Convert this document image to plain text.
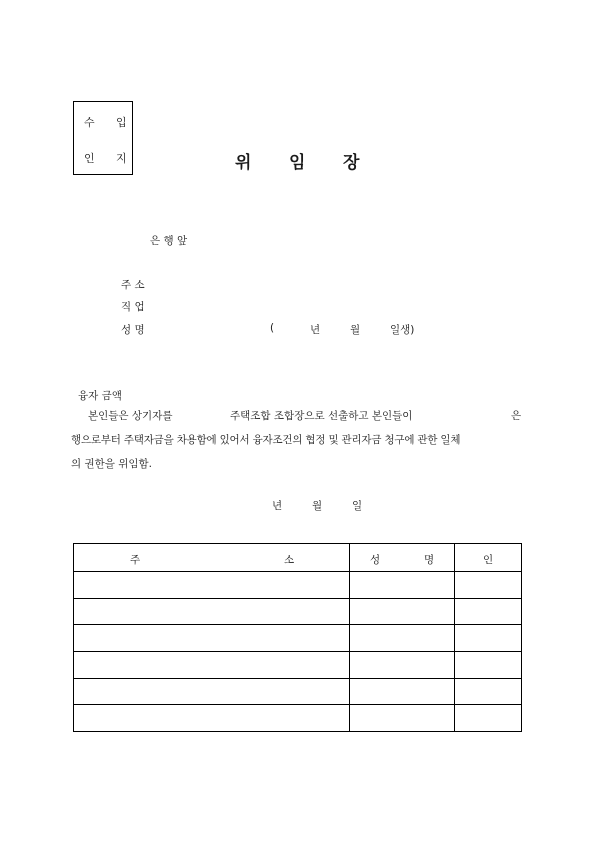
수 입
인 지	위 임 장
은 행 앞
주 소
직 업
성 명	(	년	월	일생)
융자 금액
본인들은 상기자를	주택조합 조합장으로 선출하고 본인들이	은
행으로부터 주택자금을 차용함에 있어서 융자조건의 협정 및 관리자금 청구에 관한 일체
의 권한을 위임함.
년	월	일
주 소	성 명	인
